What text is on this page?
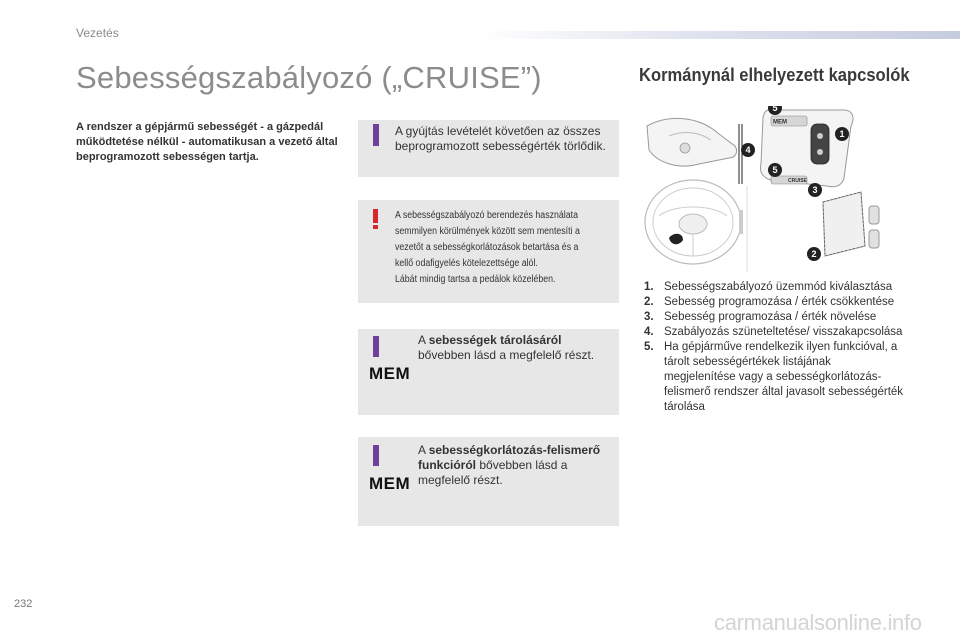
Vezetés
Sebességszabályozó („CRUISE”)	Kormánynál elhelyezett kapcsolók
A rendszer a gépjármű sebességét - a gázpedál működtetése nélkül - automatikusan a vezető által beprogramozott sebességen tartja.
A gyújtás levételét követően az összes beprogramozott sebességérték törlődik.
A sebességszabályozó berendezés használata semmilyen körülmények között sem mentesíti a vezetőt a sebességkorlátozások betartása és a kellő odafigyelés kötelezettsége alól.
Lábát mindig tartsa a pedálok közelében.
MEM
A sebességek tárolásáról bővebben lásd a megfelelő részt.
MEM
A sebességkorlátozás-felismerő funkcióról bővebben lásd a megfelelő részt.
MEM
CRUISE
5
1
4
5
3
2
1. Sebességszabályozó üzemmód kiválasztása
2. Sebesség programozása / érték csökkentése
3. Sebesség programozása / érték növelése
4. Szabályozás szüneteltetése/ visszakapcsolása
5. Ha gépjárműve rendelkezik ilyen funkcióval, a tárolt sebességértékek listájának megjelenítése vagy a sebességkorlátozás-felismerő rendszer által javasolt sebességérték tárolása
232
carmanualsonline.info
